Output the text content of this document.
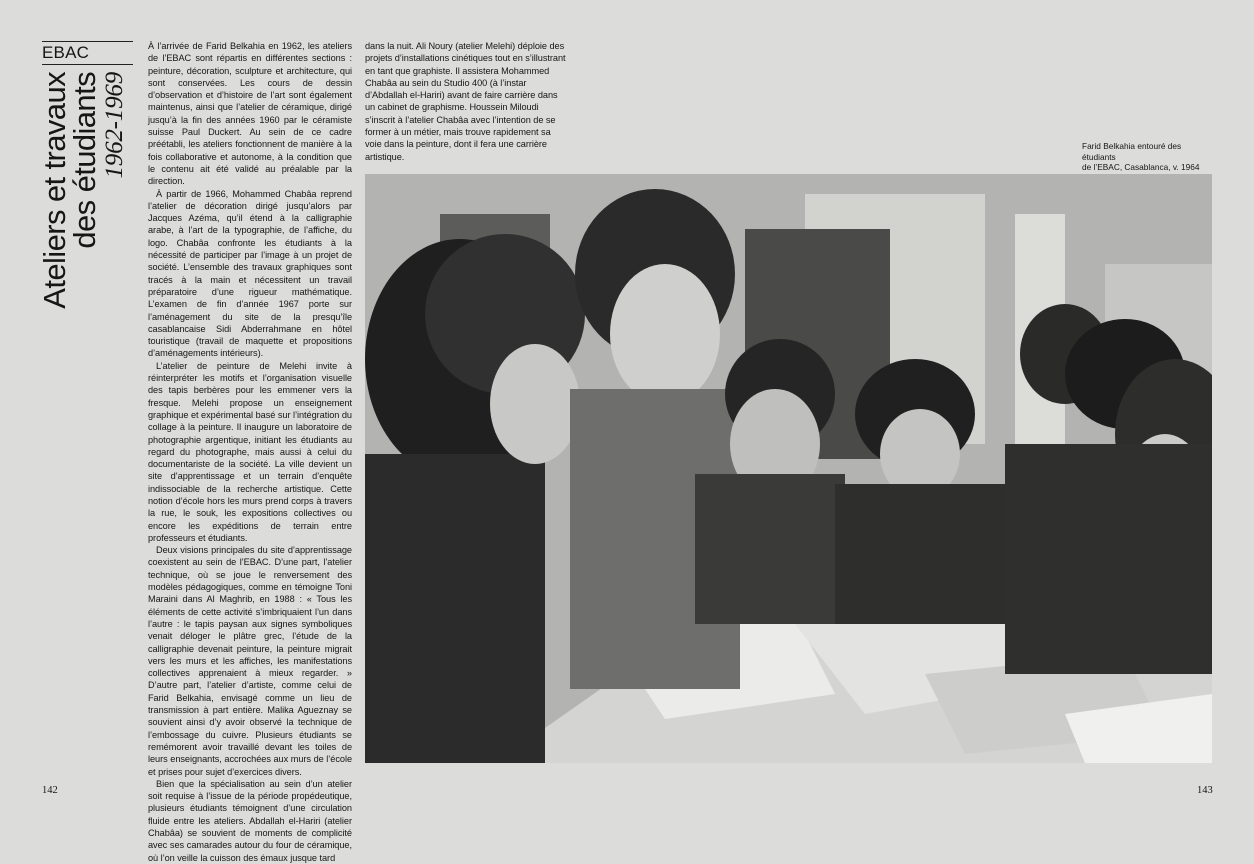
EBAC
Ateliers et travaux
des étudiants 1962-1969

À l’arrivée de Farid Belkahia en 1962, les ateliers de l’EBAC sont répartis en différentes sections : peinture, décoration, sculpture et architecture, qui sont conservées. Les cours de dessin d’observation et d’histoire de l’art sont également maintenus, ainsi que l’atelier de céramique, dirigé jusqu’à la fin des années 1960 par le céramiste suisse Paul Duckert. Au sein de ce cadre préétabli, les ateliers fonctionnent de manière à la fois collaborative et autonome, à la condition que le contenu ait été validé au préalable par la direction.

À partir de 1966, Mohammed Chabâa reprend l’atelier de décoration dirigé jusqu’alors par Jacques Azéma, qu’il étend à la calligraphie arabe, à l’art de la typographie, de l’affiche, du logo. Chabâa confronte les étudiants à la nécessité de participer par l’image à un projet de société. L’ensemble des travaux graphiques sont tracés à la main et nécessitent un travail préparatoire d’une rigueur mathématique. L’examen de fin d’année 1967 porte sur l’aménagement du site de la presqu’île casablancaise Sidi Abderrahmane en hôtel touristique (travail de maquette et propositions d’aménagements intérieurs).

L’atelier de peinture de Melehi invite à réinterpréter les motifs et l’organisation visuelle des tapis berbères pour les emmener vers la fresque. Melehi propose un enseignement graphique et expérimental basé sur l’intégration du collage à la peinture. Il inaugure un laboratoire de photographie argentique, initiant les étudiants au regard du photographe, mais aussi à celui du documentariste de la société. La ville devient un site d’apprentissage et un terrain d’enquête indissociable de la recherche artistique. Cette notion d’école hors les murs prend corps à travers la rue, le souk, les expositions collectives ou encore les expéditions de terrain entre professeurs et étudiants.

Deux visions principales du site d’apprentissage coexistent au sein de l’EBAC. D’une part, l’atelier technique, où se joue le renversement des modèles pédagogiques, comme en témoigne Toni Maraini dans Al Maghrib, en 1988 : « Tous les éléments de cette activité s’imbriquaient l’un dans l’autre : le tapis paysan aux signes symboliques venait déloger le plâtre grec, l’étude de la calligraphie devenait peinture, la peinture migrait vers les murs et les affiches, les manifestations collectives apprenaient à mieux regarder. » D’autre part, l’atelier d’artiste, comme celui de Farid Belkahia, envisagé comme un lieu de transmission à part entière. Malika Agueznay se souvient ainsi d’y avoir observé la technique de l’embossage du cuivre. Plusieurs étudiants se remémorent avoir travaillé devant les toiles de leurs enseignants, accrochées aux murs de l’école et prises pour sujet d’exercices divers.

Bien que la spécialisation au sein d’un atelier soit requise à l’issue de la période propédeutique, plusieurs étudiants témoignent d’une circulation fluide entre les ateliers. Abdallah el-Hariri (atelier Chabâa) se souvient de moments de complicité avec ses camarades autour du four de céramique, où l’on veille la cuisson des émaux jusque tard

dans la nuit. Ali Noury (atelier Melehi) déploie des projets d’installations cinétiques tout en s’illustrant en tant que graphiste. Il assistera Mohammed Chabâa au sein du Studio 400 (à l’instar d’Abdallah el-Hariri) avant de faire carrière dans un cabinet de graphisme. Houssein Miloudi s’inscrit à l’atelier Chabâa avec l’intention de se former à un métier, mais trouve rapidement sa voie dans la peinture, dont il fera une carrière artistique.

Farid Belkahia entouré des étudiants
de l’EBAC, Casablanca, v. 1964
142	143
